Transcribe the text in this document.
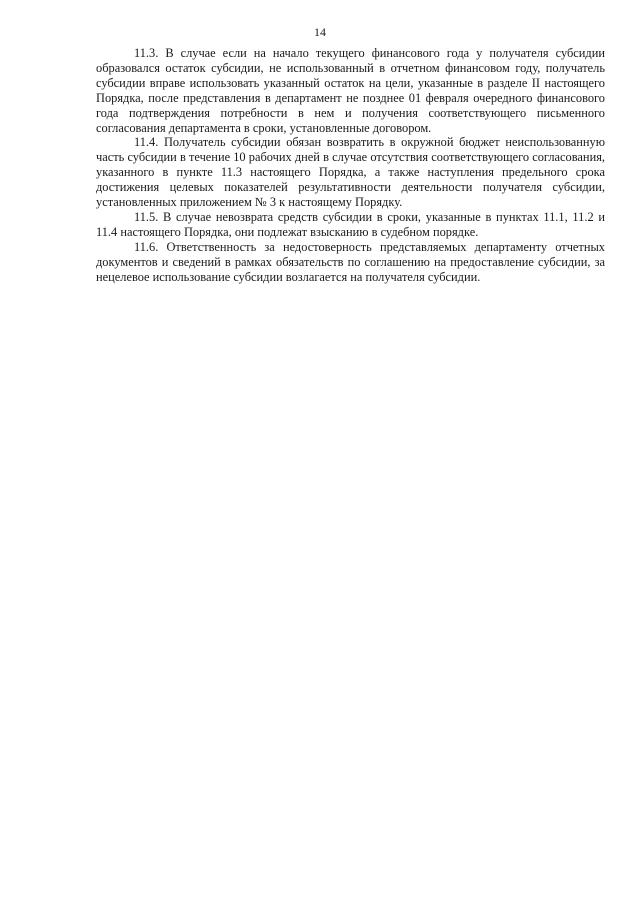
14

11.3. В случае если на начало текущего финансового года у получателя субсидии образовался остаток субсидии, не использованный в отчетном финансовом году, получатель субсидии вправе использовать указанный остаток на цели, указанные в разделе II настоящего Порядка, после представления в департамент не позднее 01 февраля очередного финансового года подтверждения потребности в нем и получения соответствующего письменного согласования департамента в сроки, установленные договором.

11.4. Получатель субсидии обязан возвратить в окружной бюджет неиспользованную часть субсидии в течение 10 рабочих дней в случае отсутствия соответствующего согласования, указанного в пункте 11.3 настоящего Порядка, а также наступления предельного срока достижения целевых показателей результативности деятельности получателя субсидии, установленных приложением № 3 к настоящему Порядку.

11.5. В случае невозврата средств субсидии в сроки, указанные в пунктах 11.1, 11.2 и 11.4 настоящего Порядка, они подлежат взысканию в судебном порядке.

11.6. Ответственность за недостоверность представляемых департаменту отчетных документов и сведений в рамках обязательств по соглашению на предоставление субсидии, за нецелевое использование субсидии возлагается на получателя субсидии.
